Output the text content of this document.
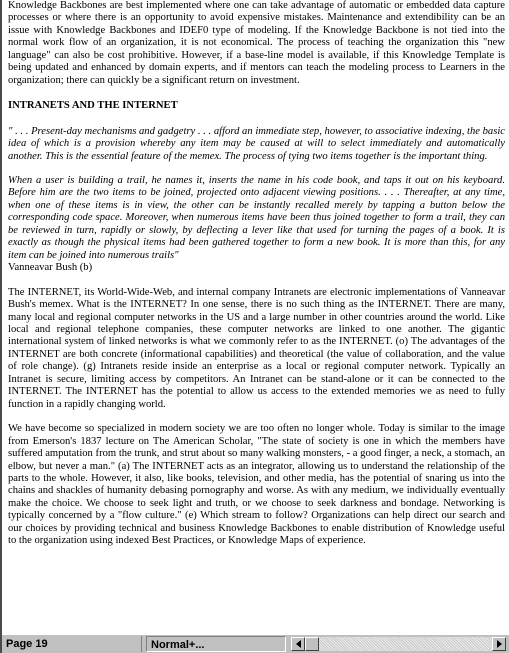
Knowledge Backbones are best implemented where one can take advantage of automatic or embedded data capture processes or where there is an opportunity to avoid expensive mistakes. Maintenance and extendibility can be an issue with Knowledge Backbones and IDEF0 type of modeling. If the Knowledge Backbone is not tied into the normal work flow of an organization, it is not economical. The process of teaching the organization this "new language" can also be cost prohibitive. However, if a base-line model is available, if this Knowledge Template is being updated and enhanced by domain experts, and if mentors can teach the modeling process to Learners in the organization; there can quickly be a significant return on investment.

INTRANETS AND THE INTERNET

" . . . Present-day mechanisms and gadgetry . . . afford an immediate step, however, to associative indexing, the basic idea of which is a provision whereby any item may be caused at will to select immediately and automatically another. This is the essential feature of the memex. The process of tying two items together is the important thing.

When a user is building a trail, he names it, inserts the name in his code book, and taps it out on his keyboard. Before him are the two items to be joined, projected onto adjacent viewing positions. . . . Thereafter, at any time, when one of these items is in view, the other can be instantly recalled merely by tapping a button below the corresponding code space. Moreover, when numerous items have been thus joined together to form a trail, they can be reviewed in turn, rapidly or slowly, by deflecting a lever like that used for turning the pages of a book. It is exactly as though the physical items had been gathered together to form a new book. It is more than this, for any item can be joined into numerous trails"

Vanneavar Bush (b)

The INTERNET, its World-Wide-Web, and internal company Intranets are electronic implementations of Vanneavar Bush's memex. What is the INTERNET? In one sense, there is no such thing as the INTERNET. There are many, many local and regional computer networks in the US and a large number in other countries around the world. Like local and regional telephone companies, these computer networks are linked to one another. The gigantic international system of linked networks is what we commonly refer to as the INTERNET. (o) The advantages of the INTERNET are both concrete (informational capabilities) and theoretical (the value of collaboration, and the value of role change). (g) Intranets reside inside an enterprise as a local or regional computer network. Typically an Intranet is secure, limiting access by competitors. An Intranet can be stand-alone or it can be connected to the INTERNET. The INTERNET has the potential to allow us access to the extended memories we as need to fully function in a rapidly changing world.

We have become so specialized in modern society we are too often no longer whole. Today is similar to the image from Emerson's 1837 lecture on The American Scholar, "The state of society is one in which the members have suffered amputation from the trunk, and strut about so many walking monsters, - a good finger, a neck, a stomach, an elbow, but never a man." (a) The INTERNET acts as an integrator, allowing us to understand the relationship of the parts to the whole. However, it also, like books, television, and other media, has the potential of snaring us into the chains and shackles of humanity debasing pornography and worse. As with any medium, we individually eventually make the choice. We choose to seek light and truth, or we choose to seek darkness and bondage. Networking is typically concerned by a "flow culture." (e) Which stream to follow? Organizations can help direct our search and our choices by providing technical and business Knowledge Backbones to enable distribution of Knowledge useful to the organization using indexed Best Practices, or Knowledge Maps of experience.

Page 19	Normal+...
